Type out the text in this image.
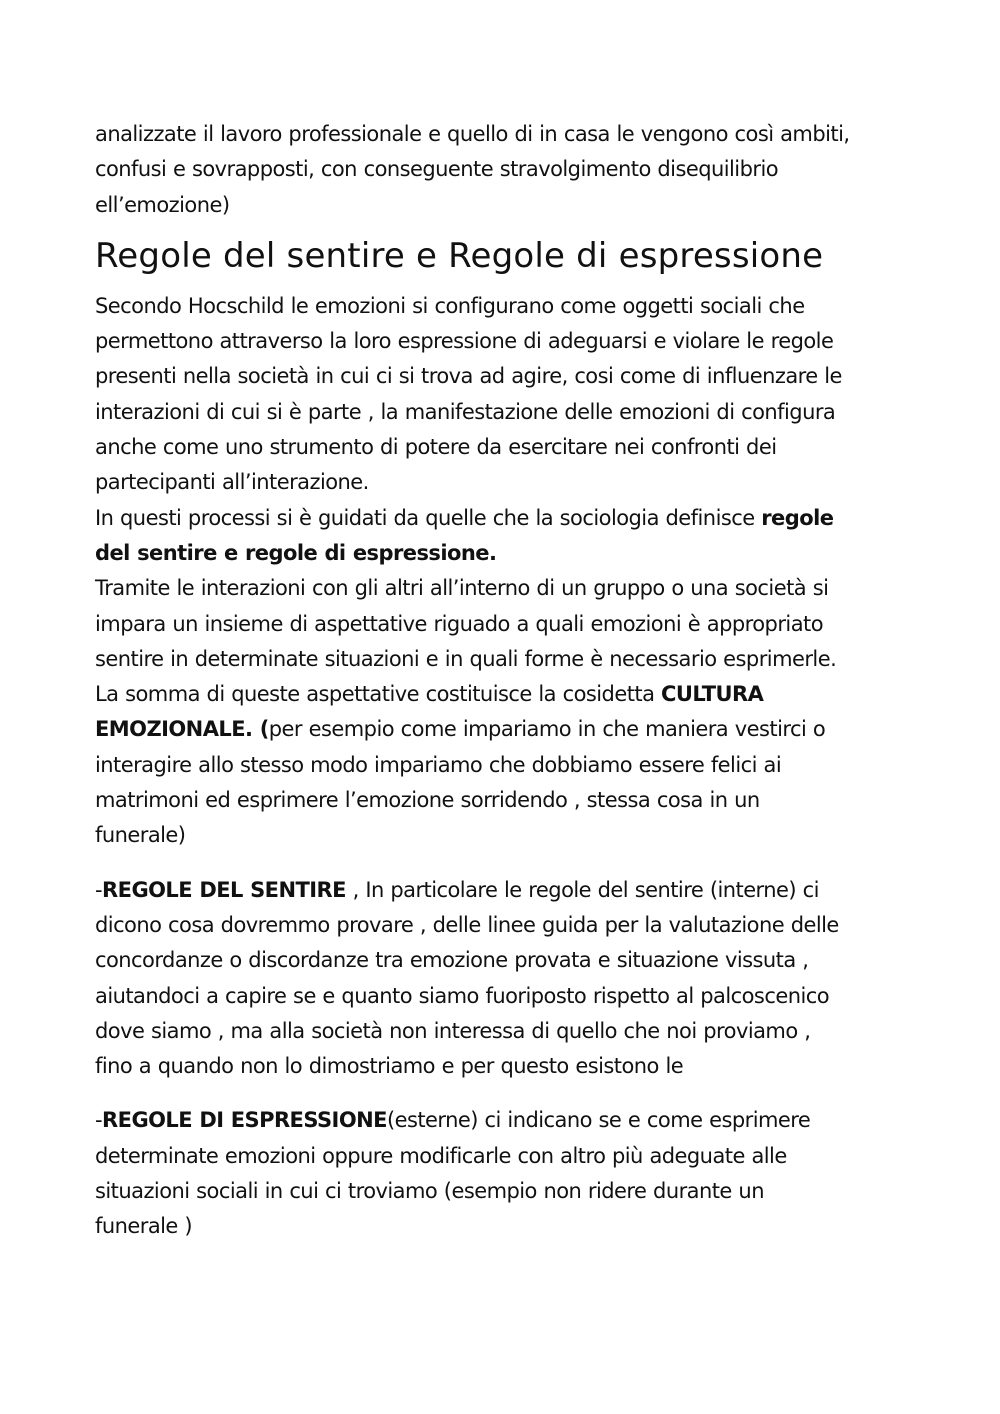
analizzate il lavoro professionale e quello di in casa le vengono così ambiti,
confusi e sovrapposti, con conseguente stravolgimento disequilibrio
ell’emozione)
Regole del sentire e Regole di espressione
Secondo Hocschild le emozioni si configurano come oggetti sociali che
permettono attraverso la loro espressione di adeguarsi e violare le regole
presenti nella società in cui ci si trova ad agire, cosi come di influenzare le
interazioni di cui si è parte , la manifestazione delle emozioni di configura
anche come uno strumento di potere da esercitare nei confronti dei
partecipanti all’interazione.
In questi processi si è guidati da quelle che la sociologia definisce regole
del sentire e regole di espressione.
Tramite le interazioni con gli altri all’interno di un gruppo o una società si
impara un insieme di aspettative riguado a quali emozioni è appropriato
sentire in determinate situazioni e in quali forme è necessario esprimerle.
La somma di queste aspettative costituisce la cosidetta CULTURA
EMOZIONALE. (per esempio come impariamo in che maniera vestirci o
interagire allo stesso modo impariamo che dobbiamo essere felici ai
matrimoni ed esprimere l’emozione sorridendo , stessa cosa in un
funerale)
-REGOLE DEL SENTIRE , In particolare le regole del sentire (interne) ci
dicono cosa dovremmo provare , delle linee guida per la valutazione delle
concordanze o discordanze tra emozione provata e situazione vissuta ,
aiutandoci a capire se e quanto siamo fuoriposto rispetto al palcoscenico
dove siamo , ma alla società non interessa di quello che noi proviamo ,
fino a quando non lo dimostriamo e per questo esistono le
-REGOLE DI ESPRESSIONE(esterne) ci indicano se e come esprimere
determinate emozioni oppure modificarle con altro più adeguate alle
situazioni sociali in cui ci troviamo (esempio non ridere durante un
funerale )
